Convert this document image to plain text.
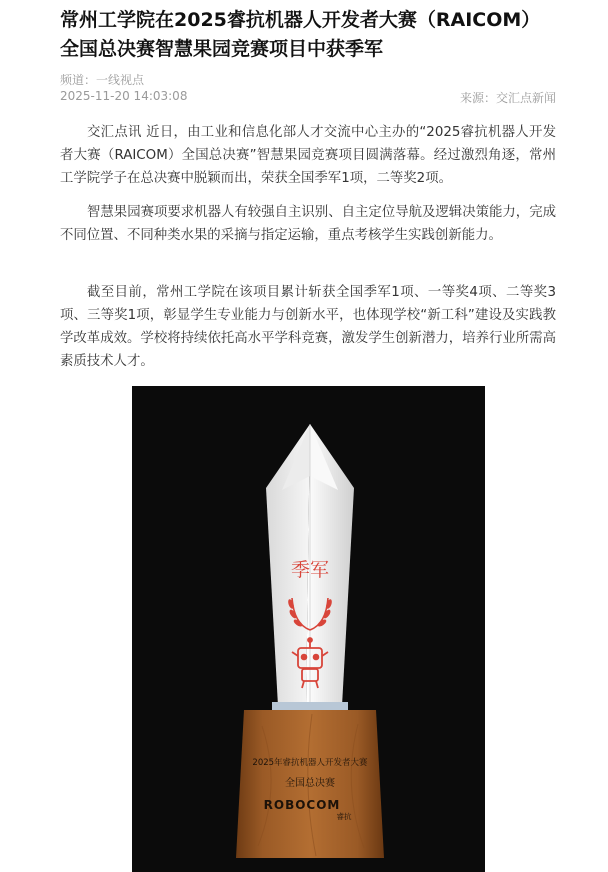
常州工学院在2025睿抗机器人开发者大赛（RAICOM）
全国总决赛智慧果园竞赛项目中获季军
频道：一线视点
2025-11-20 14:03:08	来源：交汇点新闻

交汇点讯 近日，由工业和信息化部人才交流中心主办的“2025睿抗机器人开发者大赛（RAICOM）全国总决赛”智慧果园竞赛项目圆满落幕。经过激烈角逐，常州工学院学子在总决赛中脱颖而出，荣获全国季军1项，二等奖2项。

智慧果园赛项要求机器人有较强自主识别、自主定位导航及逻辑决策能力，完成不同位置、不同种类水果的采摘与指定运输，重点考核学生实践创新能力。

截至目前，常州工学院在该项目累计斩获全国季军1项、一等奖4项、二等奖3项、三等奖1项，彰显学生专业能力与创新水平，也体现学校“新工科”建设及实践教学改革成效。学校将持续依托高水平学科竞赛，激发学生创新潜力，培养行业所需高素质技术人才。

季军
2025年睿抗机器人开发者大赛
全国总决赛
ROBOCOM
睿抗
